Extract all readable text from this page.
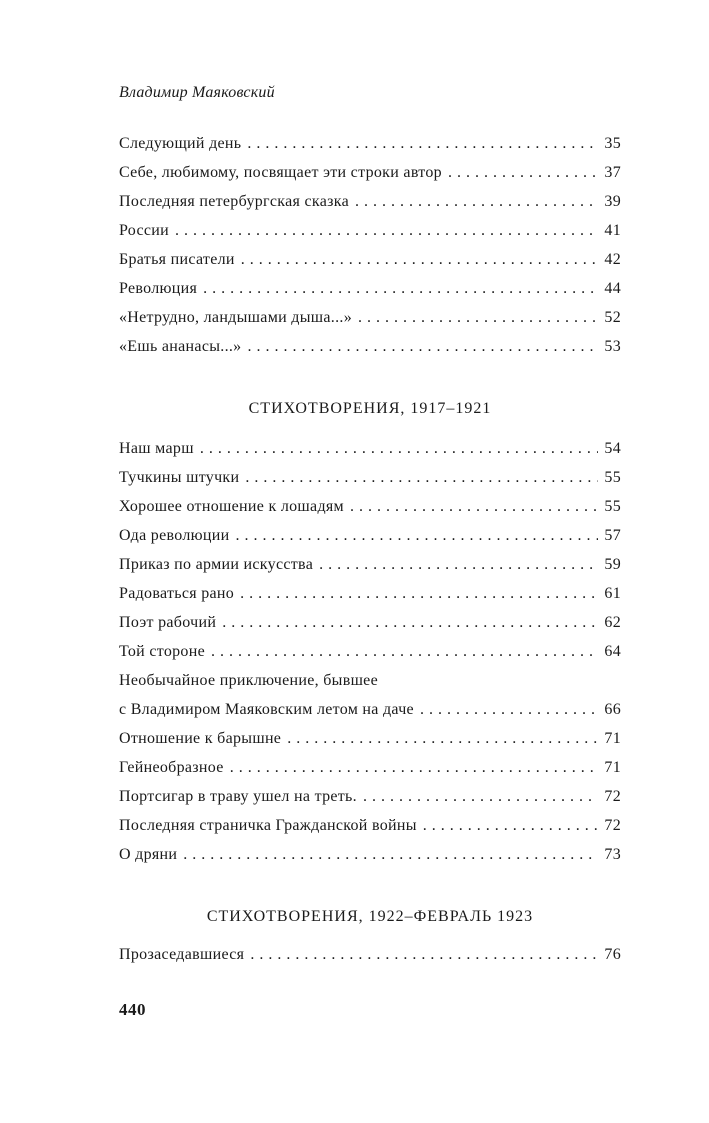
Владимир Маяковский
Следующий день . . .	35
Себе, любимому, посвящает эти строки автор . . .	37
Последняя петербургская сказка . . .	39
России . . .	41
Братья писатели . . .	42
Революция . . .	44
«Нетрудно, ландышами дыша...» . . .	52
«Ешь ананасы...» . . .	53
СТИХОТВОРЕНИЯ, 1917–1921
Наш марш . . .	54
Тучкины штучки . . .	55
Хорошее отношение к лошадям . . .	55
Ода революции . . .	57
Приказ по армии искусства . . .	59
Радоваться рано . . .	61
Поэт рабочий . . .	62
Той стороне . . .	64
Необычайное приключение, бывшее
с Владимиром Маяковским летом на даче . . .	66
Отношение к барышне . . .	71
Гейнеобразное . . .	71
Портсигар в траву ушел на треть. . . .	72
Последняя страничка Гражданской войны . . .	72
О дряни . . .	73
СТИХОТВОРЕНИЯ, 1922–ФЕВРАЛЬ 1923
Прозаседавшиеся . . .	76
440
